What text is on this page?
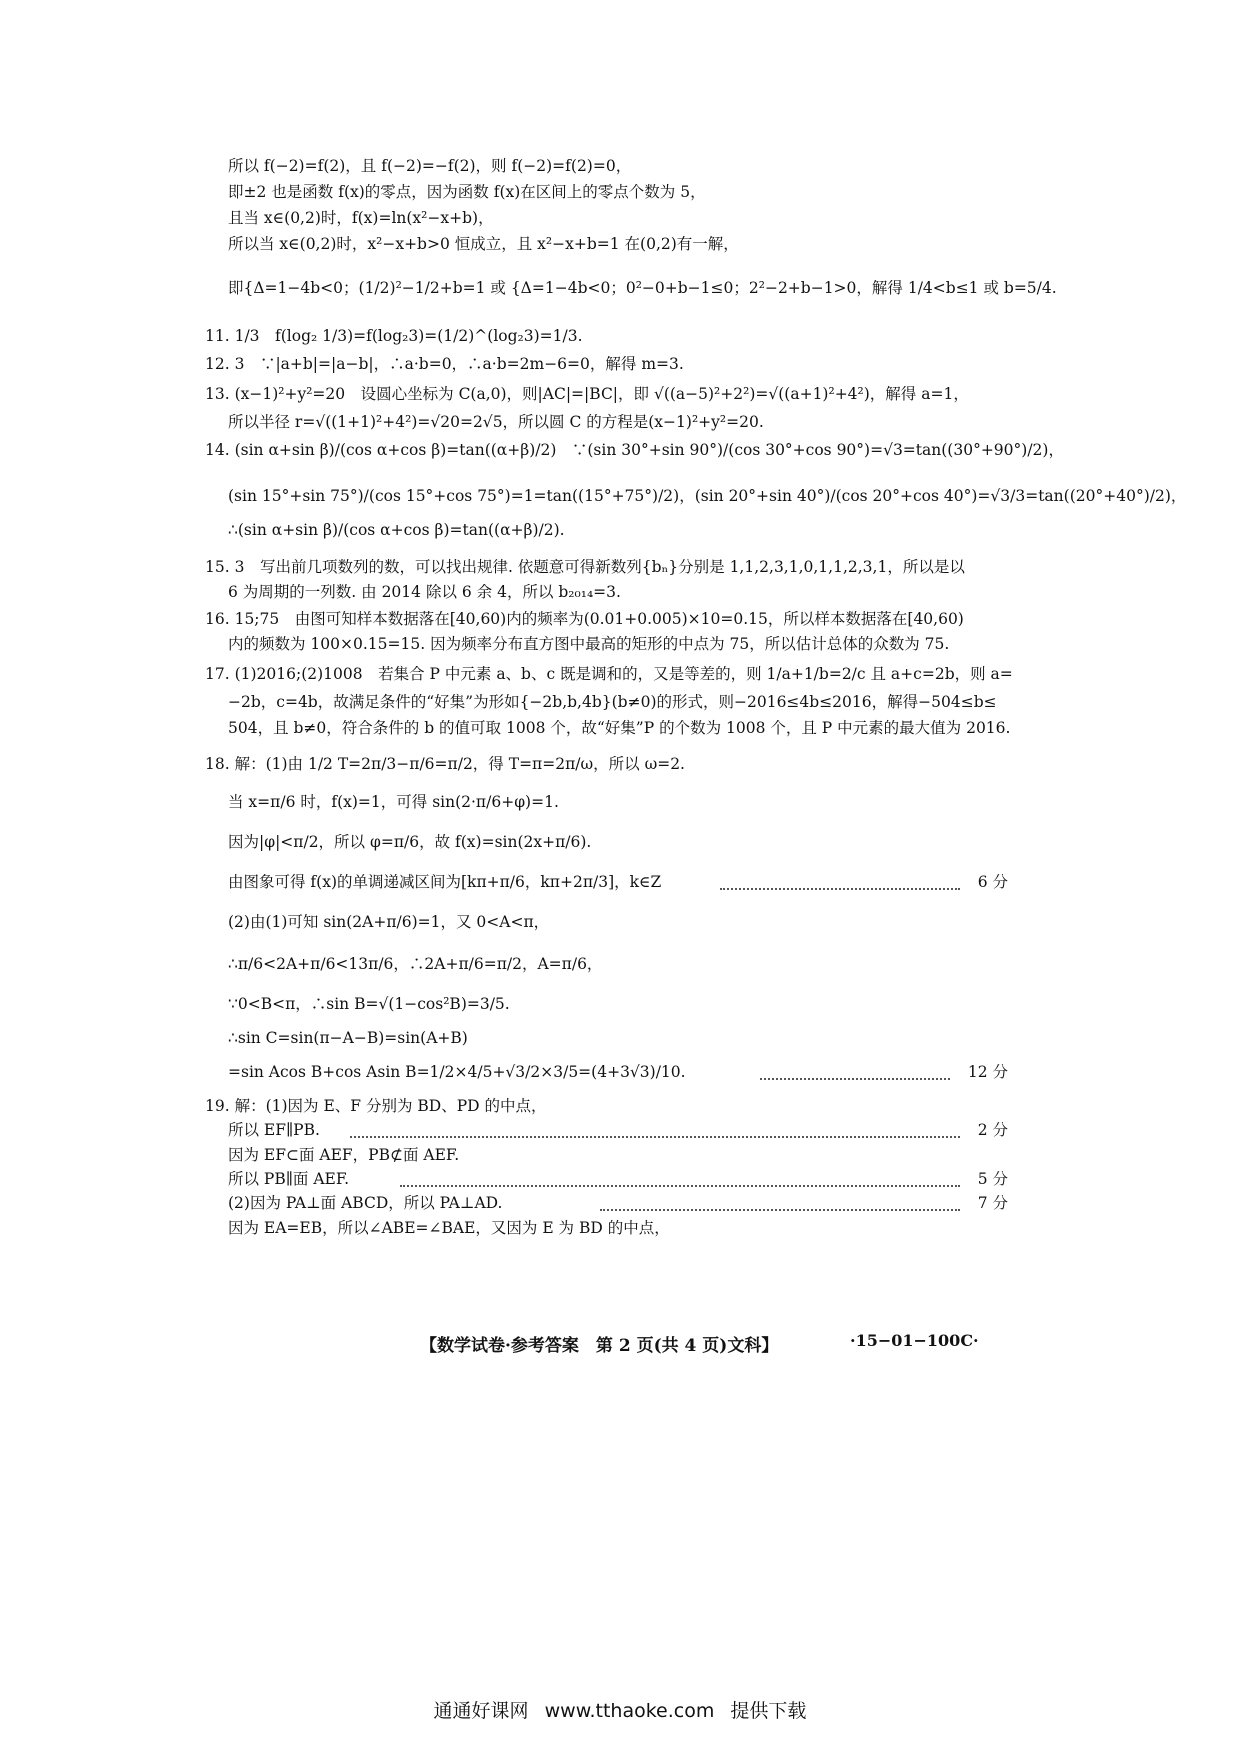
所以 f(−2)=f(2)，且 f(−2)=−f(2)，则 f(−2)=f(2)=0，
即±2 也是函数 f(x)的零点，因为函数 f(x)在区间上的零点个数为 5，
且当 x∈(0,2)时，f(x)=ln(x²−x+b)，
所以当 x∈(0,2)时，x²−x+b>0 恒成立，且 x²−x+b=1 在(0,2)有一解，
即{Δ=1−4b<0；(1/2)²−1/2+b=1 或 {Δ=1−4b<0；0²−0+b−1≤0；2²−2+b−1>0，解得 1/4<b≤1 或 b=5/4.
11. 1/3　f(log₂ 1/3)=f(log₂3)=(1/2)^(log₂3)=1/3.
12. 3　∵|a+b|=|a−b|，∴a·b=0，∴a·b=2m−6=0，解得 m=3.
13. (x−1)²+y²=20　设圆心坐标为 C(a,0)，则|AC|=|BC|，即 √((a−5)²+2²)=√((a+1)²+4²)，解得 a=1，
所以半径 r=√((1+1)²+4²)=√20=2√5，所以圆 C 的方程是(x−1)²+y²=20.
14. (sin α+sin β)/(cos α+cos β)=tan((α+β)/2)　∵(sin 30°+sin 90°)/(cos 30°+cos 90°)=√3=tan((30°+90°)/2)，
(sin 15°+sin 75°)/(cos 15°+cos 75°)=1=tan((15°+75°)/2)，(sin 20°+sin 40°)/(cos 20°+cos 40°)=√3/3=tan((20°+40°)/2)，
∴(sin α+sin β)/(cos α+cos β)=tan((α+β)/2).
15. 3　写出前几项数列的数，可以找出规律. 依题意可得新数列{bₙ}分别是 1,1,2,3,1,0,1,1,2,3,1，所以是以
6 为周期的一列数. 由 2014 除以 6 余 4，所以 b₂₀₁₄=3.
16. 15;75　由图可知样本数据落在[40,60)内的频率为(0.01+0.005)×10=0.15，所以样本数据落在[40,60)
内的频数为 100×0.15=15. 因为频率分布直方图中最高的矩形的中点为 75，所以估计总体的众数为 75.
17. (1)2016;(2)1008　若集合 P 中元素 a、b、c 既是调和的，又是等差的，则 1/a+1/b=2/c 且 a+c=2b，则 a=
−2b，c=4b，故满足条件的“好集”为形如{−2b,b,4b}(b≠0)的形式，则−2016≤4b≤2016，解得−504≤b≤
504，且 b≠0，符合条件的 b 的值可取 1008 个，故“好集”P 的个数为 1008 个，且 P 中元素的最大值为 2016.
18. 解：(1)由 1/2 T=2π/3−π/6=π/2，得 T=π=2π/ω，所以 ω=2.
当 x=π/6 时，f(x)=1，可得 sin(2·π/6+φ)=1.
因为|φ|<π/2，所以 φ=π/6，故 f(x)=sin(2x+π/6).
由图象可得 f(x)的单调递减区间为[kπ+π/6，kπ+2π/3]，k∈Z	6 分
(2)由(1)可知 sin(2A+π/6)=1，又 0<A<π，
∴π/6<2A+π/6<13π/6，∴2A+π/6=π/2，A=π/6，
∵0<B<π，∴sin B=√(1−cos²B)=3/5.
∴sin C=sin(π−A−B)=sin(A+B)
=sin Acos B+cos Asin B=1/2×4/5+√3/2×3/5=(4+3√3)/10.	12 分
19. 解：(1)因为 E、F 分别为 BD、PD 的中点，
所以 EF∥PB.	2 分
因为 EF⊂面 AEF，PB⊄面 AEF.
所以 PB∥面 AEF.	5 分
(2)因为 PA⊥面 ABCD，所以 PA⊥AD.	7 分
因为 EA=EB，所以∠ABE=∠BAE，又因为 E 为 BD 的中点，
【数学试卷·参考答案　第 2 页(共 4 页)文科】	·15−01−100C·
通通好课网 www.tthaoke.com 提供下载
